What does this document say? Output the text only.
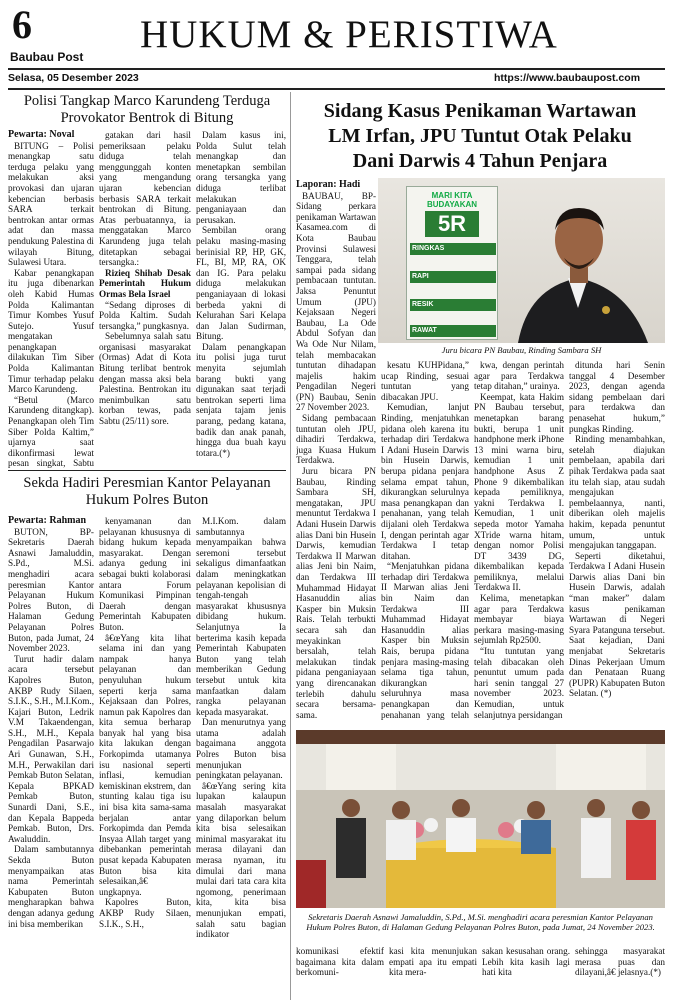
6
Baubau Post
HUKUM & PERISTIWA
Selasa, 05 Desember 2023	https://www.baubaupost.com
Polisi Tangkap Marco Karundeng Terduga
Provokator Bentrok di Bitung

Pewarta: Noval

BITUNG – Polisi menangkap satu terduga pelaku yang melakukan aksi provokasi dan ujaran kebencian berbasis SARA terkait bentrokan antar ormas adat dan massa pendukung Palestina di wilayah Bitung, Sulawesi Utara.

Kabar penangkapan itu juga dibenarkan oleh Kabid Humas Polda Kalimantan Timur Kombes Yusuf Sutejo. Yusuf mengatakan penangkapan dilakukan Tim Siber Polda Kalimantan Timur terhadap pelaku Marco Karundeng.

“Betul (Marco Karundeng ditangkap). Penangkapan oleh Tim Siber Polda Kaltim,” ujarnya saat dikonfirmasi lewat pesan singkat, Sabtu

gatakan dari hasil pemeriksaan pelaku diduga telah menggunggah konten yang mengandung ujaran kebencian berbasis SARA terkait bentrokan di Bitung. Atas perbuatannya, ia menggatakan Marco Karundeng juga telah ditetapkan sebagai tersangka.:

Rizieq Shihab Desak Pemerintah Hukum Ormas Bela Israel

“Sedang diproses di Polda Kaltim. Sudah tersangka,” pungkasnya.

Sebelumnya salah satu organisasi masyarakat (Ormas) Adat di Kota Bitung terlibat bentrok dengan massa aksi bela Palestina. Bentrokan itu menimbulkan satu korban tewas, pada Sabtu (25/11) sore.

Dalam kasus ini, Polda Sulut telah menangkap dan menetapkan sembilan orang tersangka yang diduga terlibat melakukan penganiayaan dan perusakan.

Sembilan orang pelaku masing-masing berinisial RP, HP, GK, FL, BI, MP, RA, OK dan IG. Para pelaku diduga melakukan penganiayaan di lokasi berbeda yakni di Kelurahan Sari Kelapa dan Jalan Sudirman, Bitung.

Dalam penangkapan itu polisi juga turut menyita sejumlah barang bukti yang digunakan saat terjadi bentrokan seperti lima senjata tajam jenis parang, pedang katana, badik dan anak panah, hingga dua buah kayu totara.(*)

Sekda Hadiri Peresmian Kantor Pelayanan
Hukum Polres Buton

Pewarta: Rahman

BUTON, BP-Sekretaris Daerah Asnawi Jamaluddin, S.Pd., M.Si. menghadiri acara peresmian Kantor Pelayanan Hukum Polres Buton, di Halaman Gedung Pelayanan Polres Buton, pada Jumat, 24 November 2023.

Turut hadir dalam acara tersebut Kapolres Buton, AKBP Rudy Silaen, S.I.K., S.H., M.I.Kom., Kajari Buton, Ledrik V.M Takaendengan, S.H., M.H., Kepala Pengadilan Pasarwajo Ari Gunawan, S.H., M.H., Perwakilan dari Pemkab Buton Selatan, Kepala BPKAD Pemkab Buton, Sunardi Dani, S.E., dan Kepala Bappeda Pemkab. Buton, Drs. Awaluddin.

Dalam sambutannya Sekda Buton menyampaikan atas nama Pemerintah Kabupaten Buton mengharapkan bahwa dengan adanya gedung ini bisa memberikan

kenyamanan dan pelayanan khususnya di bidang hukum kepada masyarakat. Dengan adanya gedung ini sebagai bukti kolaborasi antara Forum Komunikasi Pimpinan Daerah dengan Pemerintah Kabupaten Buton.

â€œYang kita lihat selama ini dan yang nampak hanya pelayanan dan penyuluhan hukum seperti kerja sama Kejaksaan dan Polres, namun pak Kapolres dan kita semua berharap banyak hal yang bisa kita lakukan dengan Forkopimda utamanya isu nasional seperti inflasi, kemudian kemiskinan ekstrem, dan stunting kalau tiga isu ini bisa kita sama-sama berjalan antar Forkopimda dan Pemda Insyaa Allah target yang dibebankan pemerintah pusat kepada Kabupaten Buton bisa kita selesaikan,â€ ungkapnya.

Kapolres Buton, AKBP Rudy Silaen, S.I.K., S.H.,

M.I.Kom. dalam sambutannya menyampaikan bahwa seremoni tersebut sekaligus dimanfaatkan dalam meningkatkan pelayanan kepolisian di tengah-tengah masyarakat khususnya dibidang hukum. Selanjutnya Ia berterima kasih kepada Pemerintah Kabupaten Buton yang telah memberikan Gedung tersebut untuk kita manfaatkan dalam rangka pelayanan kepada masyarakat.

Dan menurutnya yang utama adalah bagaimana anggota Polres Buton bisa menunjukan peningkatan pelayanan.

â€œYang sering kita lupakan kalaupun masalah masyarakat yang dilaporkan belum kita bisa selesaikan minimal masyarakat itu merasa dilayani dan merasa nyaman, itu dimulai dari mana mulai dari tata cara kita ngomong, penerimaan kita, kita bisa menunjukan empati, salah satu bagian indikator

Sidang Kasus Penikaman Wartawan
LM Irfan, JPU Tuntut Otak Pelaku
Dani Darwis 4 Tahun Penjara
MARI KITA
BUDAYAKAN
5R
RINGKAS
RAPI
RESIK
RAWAT
Juru bicara PN Baubau, Rinding Sambara SH

Laporan: Hadi

BAUBAU, BP-Sidang perkara penikaman Wartawan Kasamea.com di Kota Baubau Provinsi Sulawesi Tenggara, telah sampai pada sidang pembacaan tuntutan. Jaksa Penuntut Umum (JPU) Kejaksaan Negeri Baubau, La Ode Abdul Sofyan dan Wa Ode Nur Nilam, telah membacakan tuntutan dihadapan majelis hakim Pengadilan Negeri (PN) Baubau, Senin 27 November 2023.

Sidang pembacaan tuntutan oleh JPU, dihadiri Terdakwa, juga Kuasa Hukum Terdakwa.

Juru bicara PN Baubau, Rinding Sambara SH, mengatakan, JPU menuntut Terdakwa I Adani Husein Darwis alias Dani bin Husein Darwis, kemudian Terdakwa II Marwan alias Jeni bin Naim, dan Terdakwa III Muhammad Hidayat Hasanuddin alias Kasper bin Muksin Rais. Telah terbukti secara sah dan meyakinkan bersalah, telah melakukan tindak pidana penganiayaan yang direncanakan terlebih dahulu secara bersama-sama.

kesatu KUHPidana,” ucap Rinding, sesuai tuntutan yang dibacakan JPU.

Kemudian, lanjut Rinding, menjatuhkan pidana oleh karena itu terhadap diri Terdakwa I Adani Husein Darwis bin Husein Darwis, berupa pidana penjara selama empat tahun, dikurangkan selurulnya masa penangkapan dan penahanan, yang telah dijalani oleh Terdakwa I, dengan perintah agar Terdakwa I tetap ditahan.

“Menjatuhkan pidana terhadap diri Terdakwa II Marwan alias Jeni bin Naim dan Terdakwa III Muhammad Hidayat Hasanuddin alias Kasper bin Muksin Rais, berupa pidana penjara masing-masing selama tiga tahun, dikurangkan seluruhnya masa penangkapan dan penahanan yang telah

kwa, dengan perintah agar para Terdakwa tetap ditahan,” urainya.

Keempat, kata Hakim PN Baubau tersebut, menetapkan barang bukti, berupa 1 unit handphone merk iPhone 13 mini warna biru, kemudian 1 unit handphone Asus Z Phone 9 dikembalikan kepada pemiliknya, yakni Terdakwa I. Kemudian, 1 unit sepeda motor Yamaha XTride warna hitam, dengan nomor Polisi DT 3439 DG, dikembalikan kepada pemiliknya, melalui Terdakwa II.

Kelima, menetapkan agar para Terdakwa membayar biaya perkara masing-masing sejumlah Rp2500.

“Itu tuntutan yang telah dibacakan oleh penuntut umum pada hari senin tanggal 27 november 2023. Kemudian, untuk selanjutnya persidangan

ditunda hari Senin tanggal 4 Desember 2023, dengan agenda sidang pembelaan dari para terdakwa dan penasehat hukum,” pungkas Rinding.

Rinding menambahkan, setelah diajukan pembelaan, apabila dari pihak Terdakwa pada saat itu telah siap, atau sudah mengajukan pembelaannya, nanti, diberikan oleh majelis hakim, kepada penuntut umum, untuk mengajukan tanggapan.

Seperti diketahui, Terdakwa I Adani Husein Darwis alias Dani bin Husein Darwis, adalah “man maker” dalam kasus penikaman Wartawan di Negeri Syara Patanguna tersebut. Saat kejadian, Dani menjabat Sekretaris Dinas Pekerjaan Umum dan Penataan Ruang (PUPR) Kabupaten Buton Selatan. (*)

Sekretaris Daerah Asnawi Jamaluddin, S.Pd., M.Si. menghadiri acara peresmian Kantor Pelayanan Hukum Polres Buton, di Halaman Gedung Pelayanan Polres Buton, pada Jumat, 24 November 2023.

komunikasi efektif bagaimana kita dalam berkomuni-

kasi kita menunjukan empati apa itu empati kita mera-

sakan kesusahan orang. Lebih kita kasih lagi hati kita

sehingga masyarakat merasa puas dan dilayani,â€ jelasnya.(*)
